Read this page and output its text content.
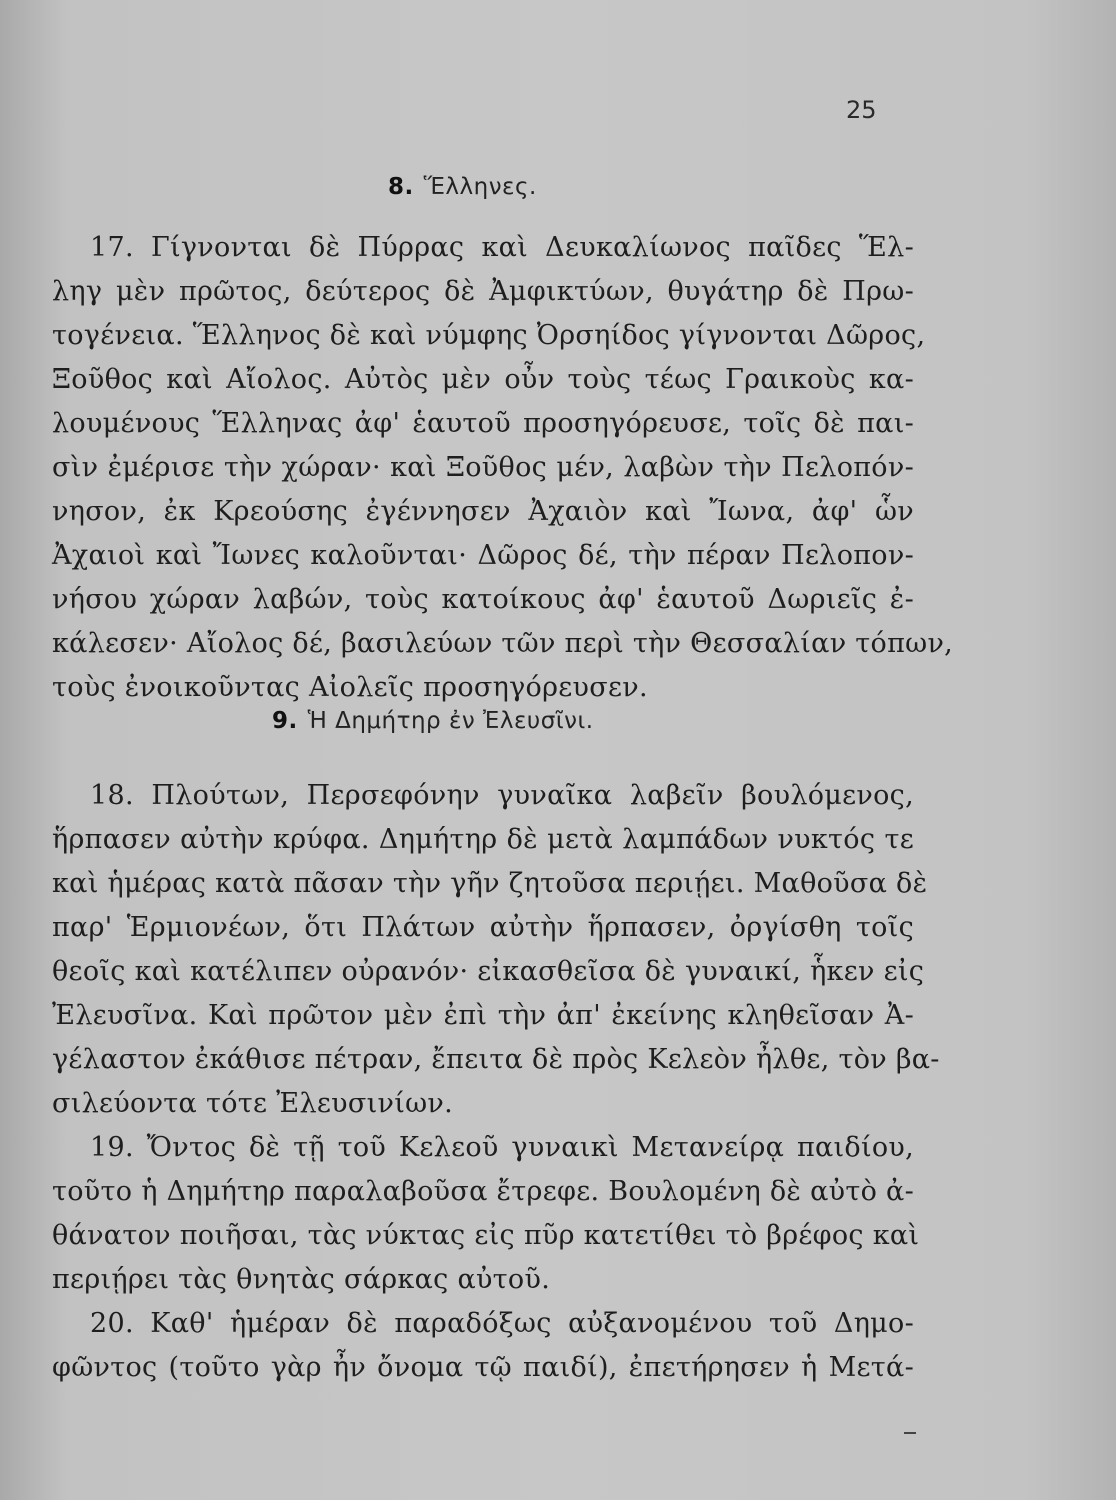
25
8. Ἕλληνες.
17. Γίγνονται δὲ Πύρρας καὶ Δευκαλίωνος παῖδες Ἕλ-
ληγ μὲν πρῶτος, δεύτερος δὲ Ἀμφικτύων, θυγάτηρ δὲ Πρω-
τογένεια. Ἕλληνος δὲ καὶ νύμφης Ὀρσηίδος γίγνονται Δῶρος,
Ξοῦθος καὶ Αἴολος. Αὐτὸς μὲν οὖν τοὺς τέως Γραικοὺς κα-
λουμένους Ἕλληνας ἀφ' ἑαυτοῦ προσηγόρευσε, τοῖς δὲ παι-
σὶν ἐμέρισε τὴν χώραν· καὶ Ξοῦθος μέν, λαβὼν τὴν Πελοπόν-
νησον, ἐκ Κρεούσης ἐγέννησεν Ἀχαιὸν καὶ Ἴωνα, ἀφ' ὧν
Ἀχαιοὶ καὶ Ἴωνες καλοῦνται· Δῶρος δέ, τὴν πέραν Πελοπον-
νήσου χώραν λαβών, τοὺς κατοίκους ἀφ' ἑαυτοῦ Δωριεῖς ἐ-
κάλεσεν· Αἴολος δέ, βασιλεύων τῶν περὶ τὴν Θεσσαλίαν τόπων,
τοὺς ἐνοικοῦντας Αἰολεῖς προσηγόρευσεν.
9. Ἡ Δημήτηρ ἐν Ἐλευσῖνι.
18. Πλούτων, Περσεφόνην γυναῖκα λαβεῖν βουλόμενος,
ἥρπασεν αὐτὴν κρύφα. Δημήτηρ δὲ μετὰ λαμπάδων νυκτός τε
καὶ ἡμέρας κατὰ πᾶσαν τὴν γῆν ζητοῦσα περιῄει. Μαθοῦσα δὲ
παρ' Ἑρμιονέων, ὅτι Πλάτων αὐτὴν ἥρπασεν, ὀργίσθη τοῖς
θεοῖς καὶ κατέλιπεν οὐρανόν· εἰκασθεῖσα δὲ γυναικί, ἧκεν εἰς
Ἐλευσῖνα. Καὶ πρῶτον μὲν ἐπὶ τὴν ἀπ' ἐκείνης κληθεῖσαν Ἀ-
γέλαστον ἐκάθισε πέτραν, ἔπειτα δὲ πρὸς Κελεὸν ἦλθε, τὸν βα-
σιλεύοντα τότε Ἐλευσινίων.
19. Ὄντος δὲ τῇ τοῦ Κελεοῦ γυναικὶ Μετανείρᾳ παιδίου,
τοῦτο ἡ Δημήτηρ παραλαβοῦσα ἔτρεφε. Βουλομένη δὲ αὐτὸ ἀ-
θάνατον ποιῆσαι, τὰς νύκτας εἰς πῦρ κατετίθει τὸ βρέφος καὶ
περιῄρει τὰς θνητὰς σάρκας αὐτοῦ.
20. Καθ' ἡμέραν δὲ παραδόξως αὐξανομένου τοῦ Δημο-
φῶντος (τοῦτο γὰρ ἦν ὄνομα τῷ παιδί), ἐπετήρησεν ἡ Μετά-
